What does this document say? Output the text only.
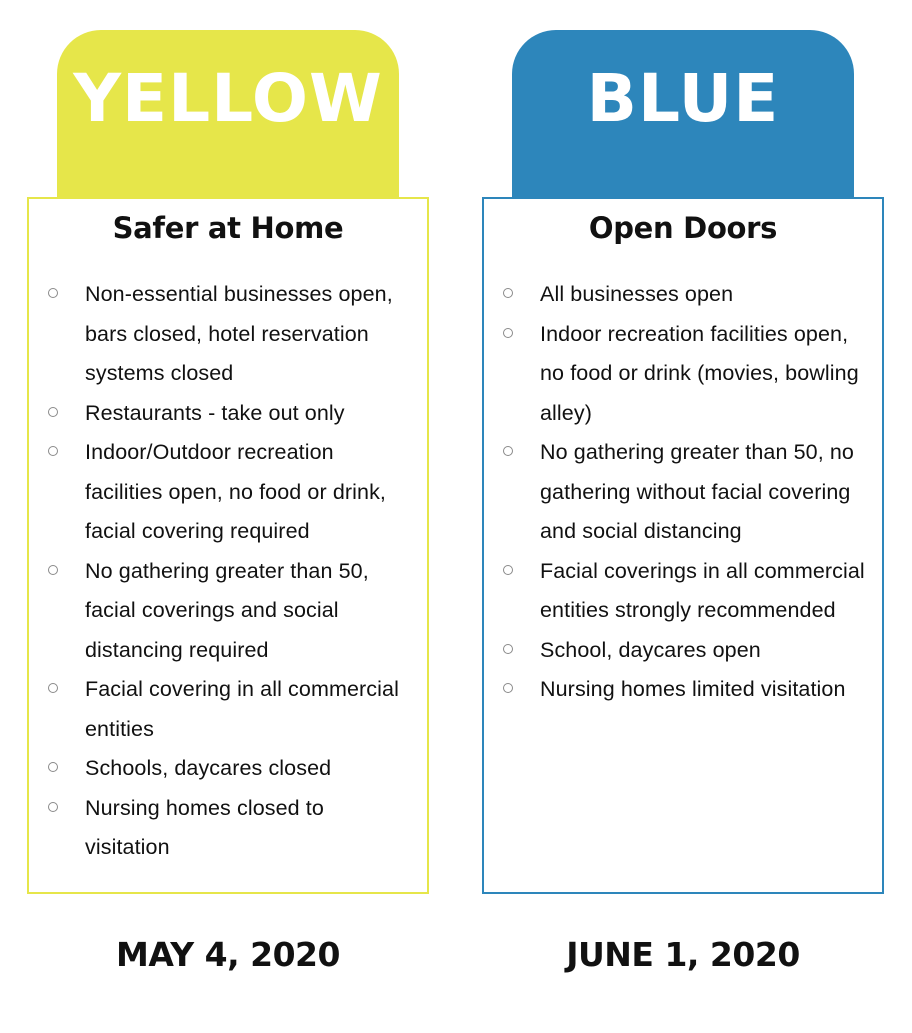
YELLOW
Safer at Home
Non-essential businesses open, bars closed, hotel reservation systems closed
Restaurants - take out only
Indoor/Outdoor recreation facilities open, no food or drink, facial covering required
No gathering greater than 50, facial coverings and social distancing required
Facial covering in all commercial entities
Schools, daycares closed
Nursing homes closed to visitation
MAY 4, 2020
BLUE
Open Doors
All businesses open
Indoor recreation facilities open, no food or drink (movies, bowling alley)
No gathering greater than 50, no gathering without facial covering and social distancing
Facial coverings in all commercial entities strongly recommended
School, daycares open
Nursing homes limited visitation
JUNE 1, 2020
